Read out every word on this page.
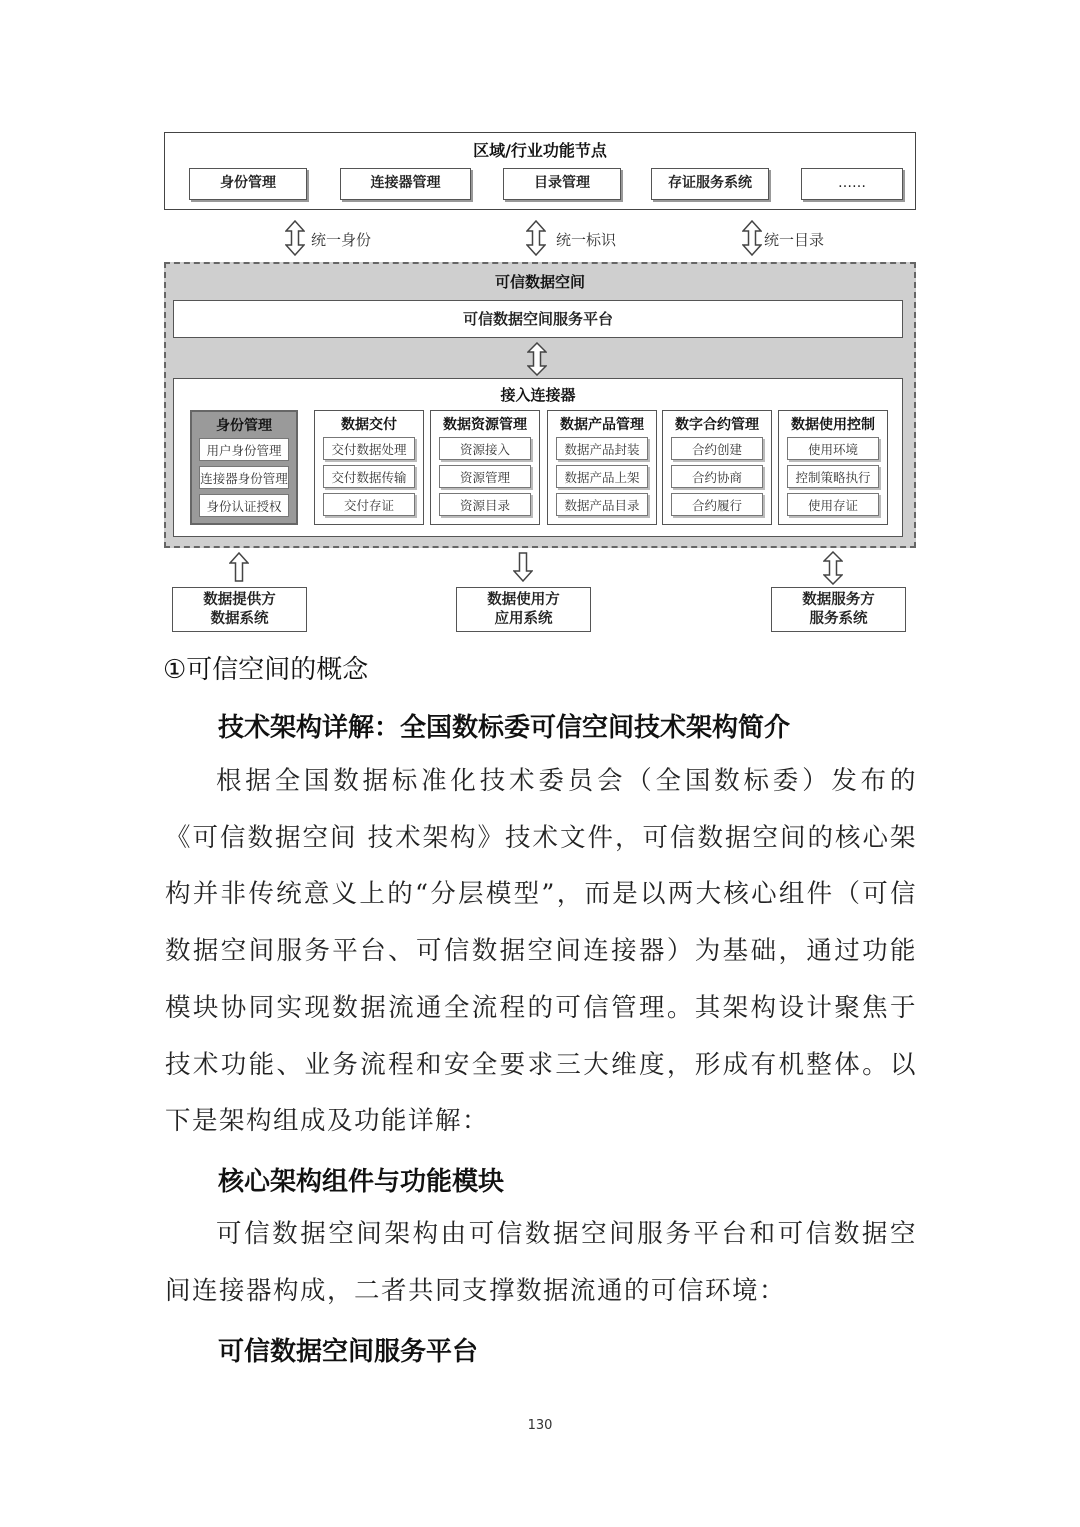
区域/行业功能节点
身份管理	连接器管理	目录管理	存证服务系统	……
统一身份	统一标识	统一目录
可信数据空间
可信数据空间服务平台
接入连接器
身份管理
用户身份管理
连接器身份管理
身份认证授权
数据交付
交付数据处理
交付数据传输
交付存证
数据资源管理
资源接入
资源管理
资源目录
数据产品管理
数据产品封装
数据产品上架
数据产品目录
数字合约管理
合约创建
合约协商
合约履行
数据使用控制
使用环境
控制策略执行
使用存证
数据提供方
数据系统
数据使用方
应用系统
数据服务方
服务系统
①可信空间的概念
技术架构详解：全国数标委可信空间技术架构简介

根据全国数据标准化技术委员会（全国数标委）发布的《可信数据空间 技术架构》技术文件，可信数据空间的核心架构并非传统意义上的“分层模型”，而是以两大核心组件（可信数据空间服务平台、可信数据空间连接器）为基础，通过功能模块协同实现数据流通全流程的可信管理。其架构设计聚焦于技术功能、业务流程和安全要求三大维度，形成有机整体。以下是架构组成及功能详解：

核心架构组件与功能模块

可信数据空间架构由可信数据空间服务平台和可信数据空间连接器构成，二者共同支撑数据流通的可信环境：

可信数据空间服务平台
130
